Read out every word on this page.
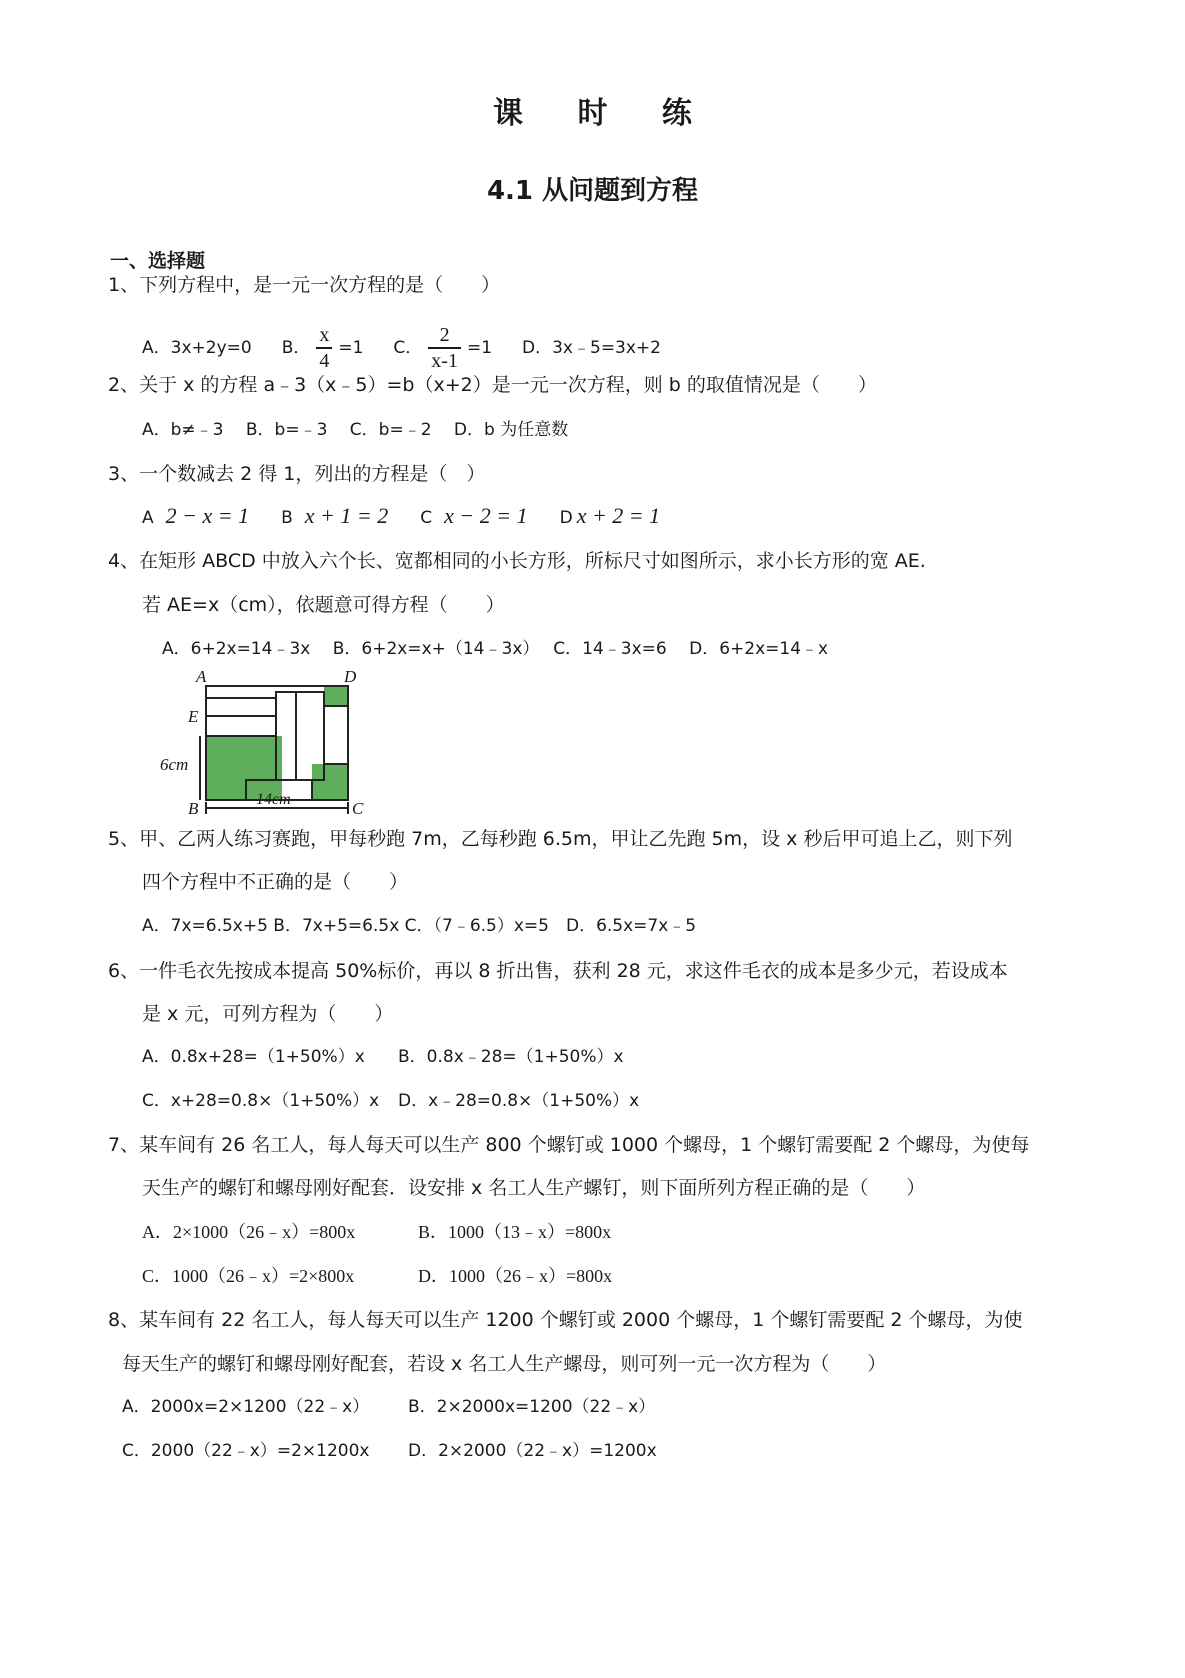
课 时 练
4.1 从问题到方程
一、选择题
1、下列方程中，是一元一次方程的是（　　）
A．3x+2y=0 B． $\frac{x}{4} =1$ C． $\frac{2}{x-1} =1$ D．3x﹣5=3x+2
2、关于 x 的方程 a﹣3（x﹣5）=b（x+2）是一元一次方程，则 b 的取值情况是（　　）
A．b≠﹣3　 B．b=﹣3　 C．b=﹣2　 D．b 为任意数
3、一个数减去 2 得 1，列出的方程是（　）
A 2 − x = 1 B x + 1 = 2 C x − 2 = 1 D x + 2 = 1
4、在矩形 ABCD 中放入六个长、宽都相同的小长方形，所标尺寸如图所示，求小长方形的宽 AE.
若 AE=x（cm），依题意可得方程（　　）
A．6+2x=14﹣3x　 B．6+2x=x+（14﹣3x）　 C．14﹣3x=6　 D．6+2x=14﹣x
A	D
E
B	C
6cm
14cm
5、甲、乙两人练习赛跑，甲每秒跑 7m，乙每秒跑 6.5m，甲让乙先跑 5m，设 x 秒后甲可追上乙，则下列
四个方程中不正确的是（　　）
A．7x=6.5x+5 B．7x+5=6.5x C．（7﹣6.5）x=5　D．6.5x=7x﹣5
6、一件毛衣先按成本提高 50%标价，再以 8 折出售，获利 28 元，求这件毛衣的成本是多少元，若设成本
是 x 元，可列方程为（　　）
A．0.8x+28=（1+50%）x B．0.8x﹣28=（1+50%）x
C．x+28=0.8×（1+50%）x D．x﹣28=0.8×（1+50%）x
7、某车间有 26 名工人，每人每天可以生产 800 个螺钉或 1000 个螺母，1 个螺钉需要配 2 个螺母，为使每
天生产的螺钉和螺母刚好配套．设安排 x 名工人生产螺钉，则下面所列方程正确的是（　　）
A．2×1000（26﹣x）=800x	B．1000（13﹣x）=800x
C．1000（26﹣x）=2×800x	D．1000（26﹣x）=800x
8、某车间有 22 名工人，每人每天可以生产 1200 个螺钉或 2000 个螺母，1 个螺钉需要配 2 个螺母，为使
每天生产的螺钉和螺母刚好配套，若设 x 名工人生产螺母，则可列一元一次方程为（　　）
A．2000x=2×1200（22﹣x） B．2×2000x=1200（22﹣x）
C．2000（22﹣x）=2×1200x D．2×2000（22﹣x）=1200x
